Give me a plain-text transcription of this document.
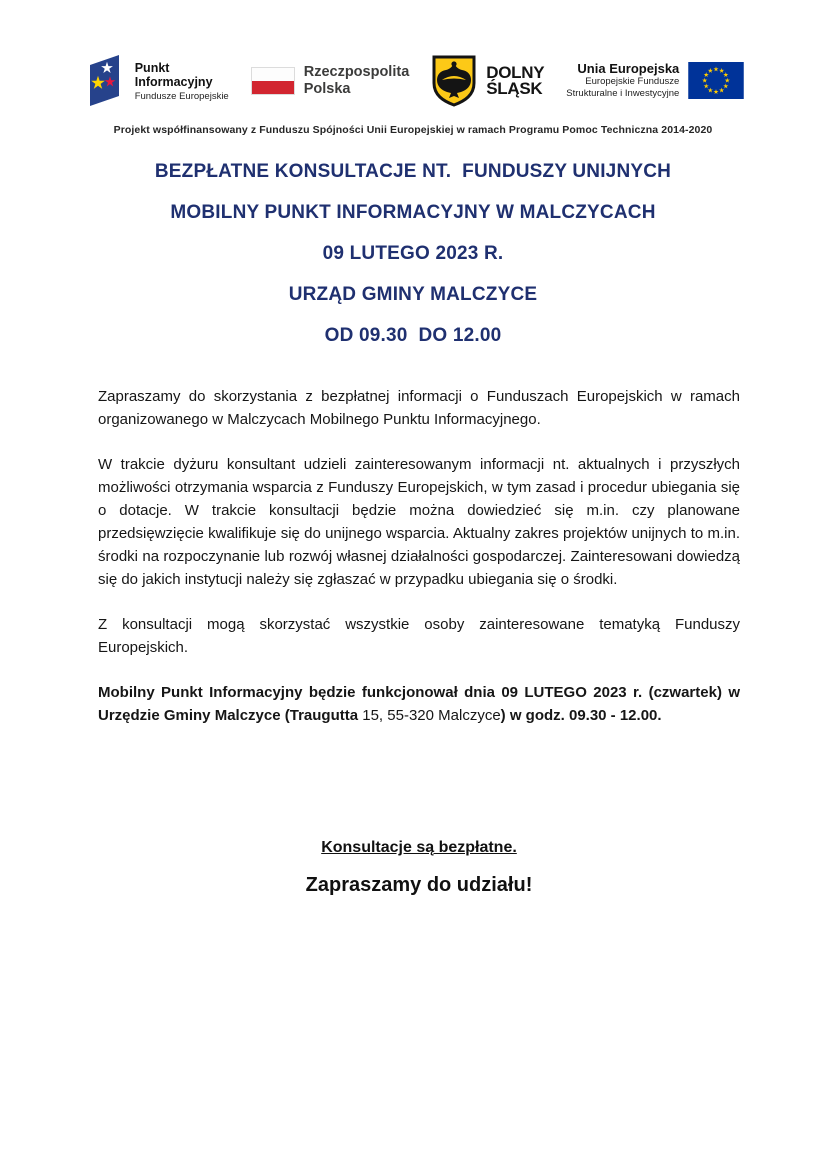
Punkt
Informacyjny
Fundusze Europejskie
Rzeczpospolita
Polska
DOLNY
ŚLĄSK
Unia Europejska
Europejskie Fundusze
Strukturalne i Inwestycyjne
Projekt współfinansowany z Funduszu Spójności Unii Europejskiej w ramach Programu Pomoc Techniczna 2014-2020
BEZPŁATNE KONSULTACJE NT.  FUNDUSZY UNIJNYCH
MOBILNY PUNKT INFORMACYJNY W MALCZYCACH
09 LUTEGO 2023 R.
URZĄD GMINY MALCZYCE
OD 09.30  DO 12.00

Zapraszamy do skorzystania z bezpłatnej informacji o Funduszach Europejskich w ramach organizowanego w Malczycach Mobilnego Punktu Informacyjnego.

W trakcie dyżuru konsultant udzieli zainteresowanym informacji nt. aktualnych i przyszłych możliwości otrzymania wsparcia z Funduszy Europejskich, w tym zasad i procedur ubiegania się o dotacje. W trakcie konsultacji będzie można dowiedzieć się m.in. czy planowane przedsięwzięcie kwalifikuje się do unijnego wsparcia. Aktualny zakres projektów unijnych to m.in. środki na rozpoczynanie lub rozwój własnej działalności gospodarczej. Zainteresowani dowiedzą się do jakich instytucji należy się zgłaszać w przypadku ubiegania się o środki.

Z konsultacji mogą skorzystać wszystkie osoby zainteresowane tematyką Funduszy Europejskich.

Mobilny Punkt Informacyjny będzie funkcjonował dnia 09 LUTEGO 2023 r. (czwartek) w Urzędzie Gminy Malczyce (Traugutta 15, 55-320 Malczyce) w godz. 09.30 - 12.00.

Konsultacje są bezpłatne.
Zapraszamy do udziału!
